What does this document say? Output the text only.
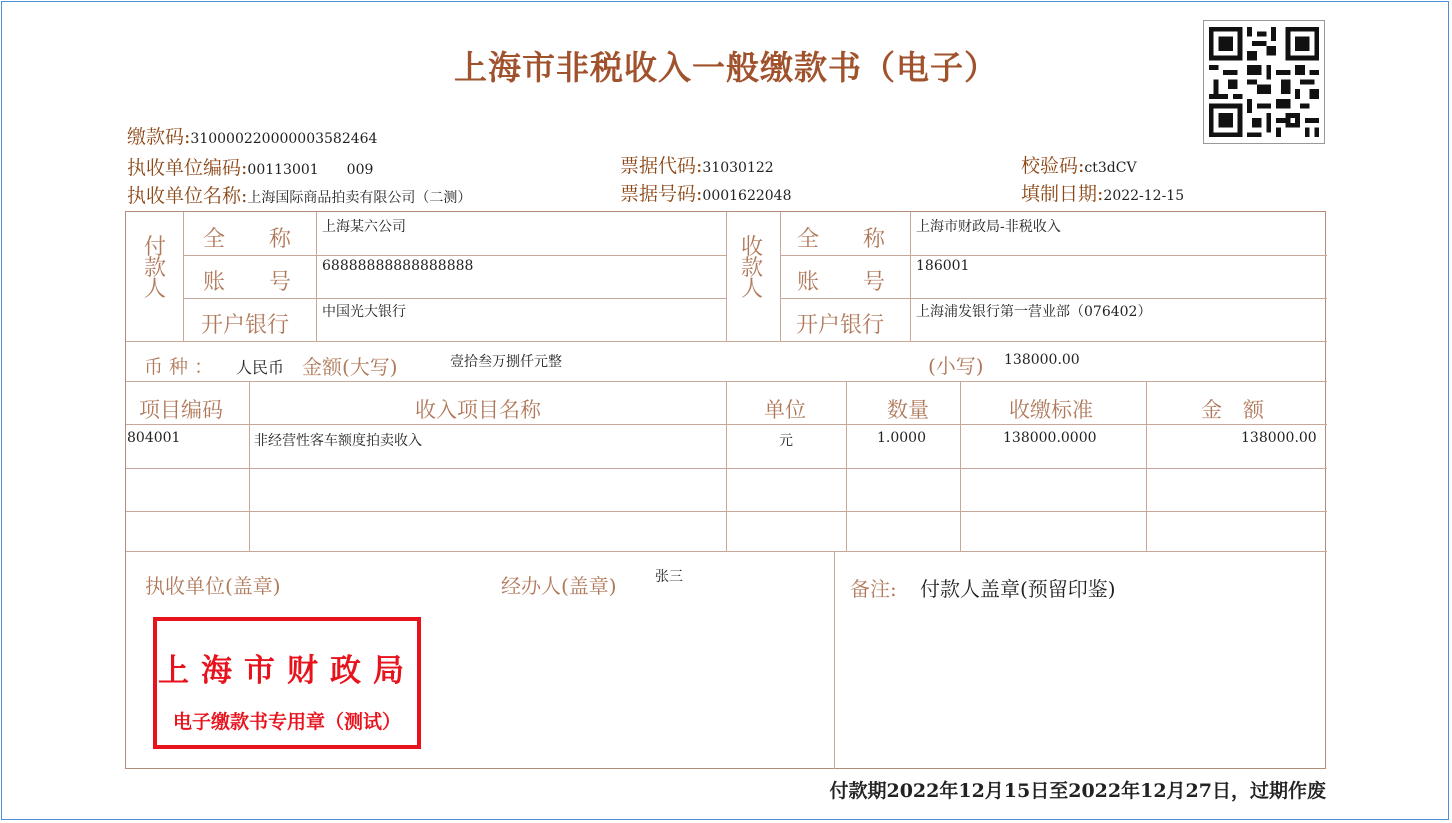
上海市非税收入一般缴款书（电子）
缴款码:310000220000003582464
执收单位编码:00113001　　009
执收单位名称:上海国际商品拍卖有限公司（二测）
票据代码:31030122
票据号码:0001622048
校验码:ct3dCV
填制日期:2022-12-15
付款人
全　　称 上海某六公司
账　　号
68888888888888888
开户银行
中国光大银行
收款人
全　　称 上海市财政局-非税收入
账　　号
186001
开户银行
上海浦发银行第一营业部（076402）
币 种 ： 人民币 金额(大写)	壹拾叁万捌仟元整	(小写) 138000.00
项目编码	收入项目名称	单位	数量	收缴标准	金　额
804001	非经营性客车额度拍卖收入	元	1.0000	138000.0000	138000.00
执收单位(盖章)	经办人(盖章)	张三	备注: 付款人盖章(预留印鉴)
上海市财政局
电子缴款书专用章（测试）
付款期2022年12月15日至2022年12月27日，过期作废
